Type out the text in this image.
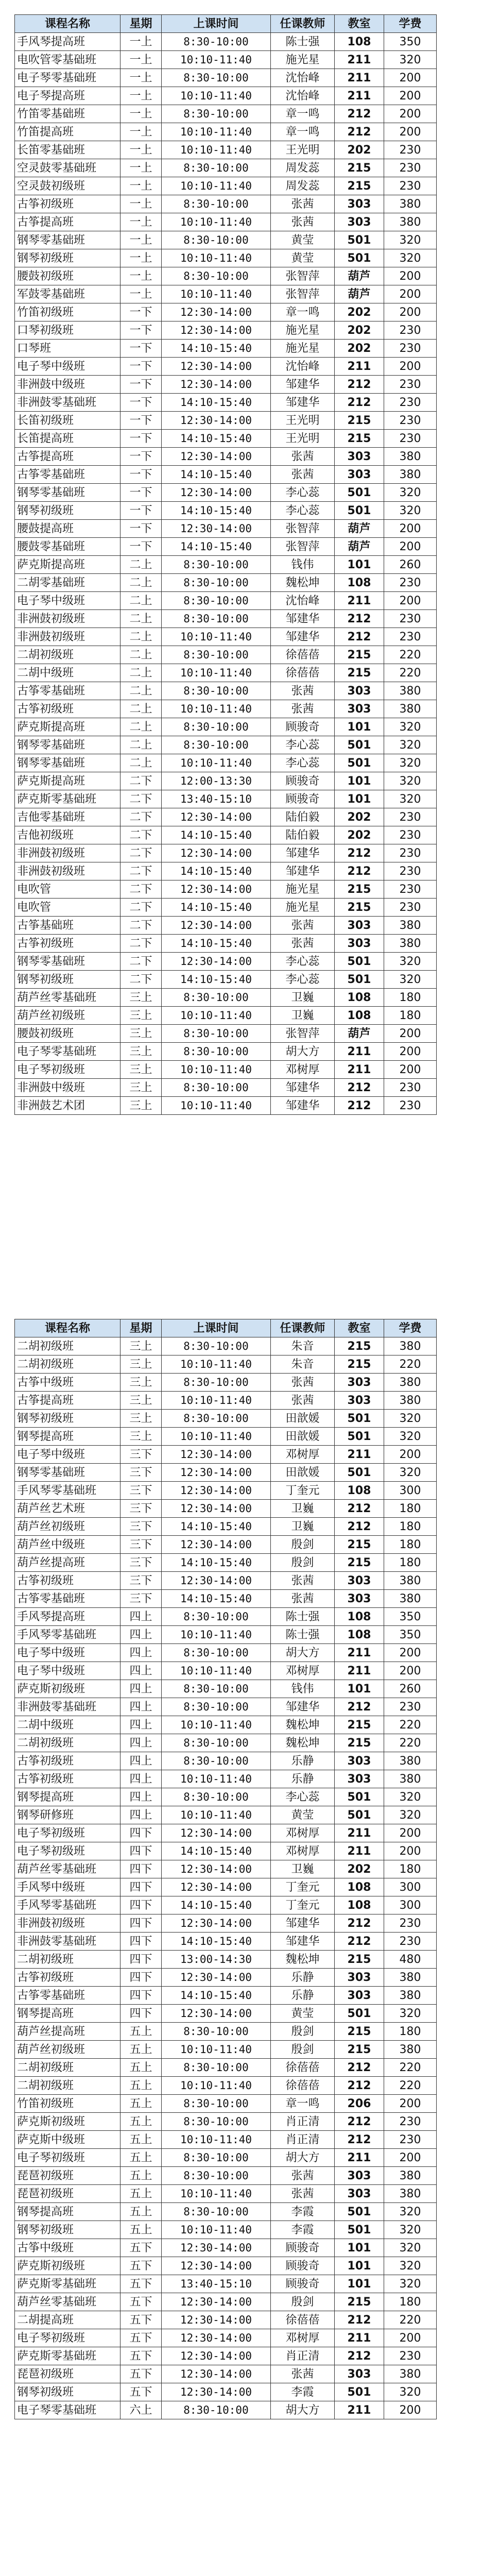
课程名称	星期	上课时间	任课教师	教室	学费
手风琴提高班	一上	8:30-10:00	陈士强	108	350
电吹管零基础班	一上	10:10-11:40	施光星	211	320
电子琴零基础班	一上	8:30-10:00	沈怡峰	211	200
电子琴提高班	一上	10:10-11:40	沈怡峰	211	200
竹笛零基础班	一上	8:30-10:00	章一鸣	212	200
竹笛提高班	一上	10:10-11:40	章一鸣	212	200
长笛零基础班	一上	10:10-11:40	王光明	202	230
空灵鼓零基础班	一上	8:30-10:00	周发蕊	215	230
空灵鼓初级班	一上	10:10-11:40	周发蕊	215	230
古筝初级班	一上	8:30-10:00	张茜	303	380
古筝提高班	一上	10:10-11:40	张茜	303	380
钢琴零基础班	一上	8:30-10:00	黄莹	501	320
钢琴初级班	一上	10:10-11:40	黄莹	501	320
腰鼓初级班	一上	8:30-10:00	张智萍	葫芦	200
军鼓零基础班	一上	10:10-11:40	张智萍	葫芦	200
竹笛初级班	一下	12:30-14:00	章一鸣	202	200
口琴初级班	一下	12:30-14:00	施光星	202	230
口琴班	一下	14:10-15:40	施光星	202	230
电子琴中级班	一下	12:30-14:00	沈怡峰	211	200
非洲鼓中级班	一下	12:30-14:00	邹建华	212	230
非洲鼓零基础班	一下	14:10-15:40	邹建华	212	230
长笛初级班	一下	12:30-14:00	王光明	215	230
长笛提高班	一下	14:10-15:40	王光明	215	230
古筝提高班	一下	12:30-14:00	张茜	303	380
古筝零基础班	一下	14:10-15:40	张茜	303	380
钢琴零基础班	一下	12:30-14:00	李心蕊	501	320
钢琴初级班	一下	14:10-15:40	李心蕊	501	320
腰鼓提高班	一下	12:30-14:00	张智萍	葫芦	200
腰鼓零基础班	一下	14:10-15:40	张智萍	葫芦	200
萨克斯提高班	二上	8:30-10:00	钱伟	101	260
二胡零基础班	二上	8:30-10:00	魏松坤	108	230
电子琴中级班	二上	8:30-10:00	沈怡峰	211	200
非洲鼓初级班	二上	8:30-10:00	邹建华	212	230
非洲鼓初级班	二上	10:10-11:40	邹建华	212	230
二胡初级班	二上	8:30-10:00	徐蓓蓓	215	220
二胡中级班	二上	10:10-11:40	徐蓓蓓	215	220
古筝零基础班	二上	8:30-10:00	张茜	303	380
古筝初级班	二上	10:10-11:40	张茜	303	380
萨克斯提高班	二上	8:30-10:00	顾骏奇	101	320
钢琴零基础班	二上	8:30-10:00	李心蕊	501	320
钢琴零基础班	二上	10:10-11:40	李心蕊	501	320
萨克斯提高班	二下	12:00-13:30	顾骏奇	101	320
萨克斯零基础班	二下	13:40-15:10	顾骏奇	101	320
吉他零基础班	二下	12:30-14:00	陆伯毅	202	230
吉他初级班	二下	14:10-15:40	陆伯毅	202	230
非洲鼓初级班	二下	12:30-14:00	邹建华	212	230
非洲鼓初级班	二下	14:10-15:40	邹建华	212	230
电吹管	二下	12:30-14:00	施光星	215	230
电吹管	二下	14:10-15:40	施光星	215	230
古筝基础班	二下	12:30-14:00	张茜	303	380
古筝初级班	二下	14:10-15:40	张茜	303	380
钢琴零基础班	二下	12:30-14:00	李心蕊	501	320
钢琴初级班	二下	14:10-15:40	李心蕊	501	320
葫芦丝零基础班	三上	8:30-10:00	卫巍	108	180
葫芦丝初级班	三上	10:10-11:40	卫巍	108	180
腰鼓初级班	三上	8:30-10:00	张智萍	葫芦	200
电子琴零基础班	三上	8:30-10:00	胡大方	211	200
电子琴初级班	三上	10:10-11:40	邓树厚	211	200
非洲鼓中级班	三上	8:30-10:00	邹建华	212	230
非洲鼓艺术团	三上	10:10-11:40	邹建华	212	230
课程名称	星期	上课时间	任课教师	教室	学费
二胡初级班	三上	8:30-10:00	朱音	215	380
二胡初级班	三上	10:10-11:40	朱音	215	220
古筝中级班	三上	8:30-10:00	张茜	303	380
古筝提高班	三上	10:10-11:40	张茜	303	380
钢琴初级班	三上	8:30-10:00	田歆媛	501	320
钢琴提高班	三上	10:10-11:40	田歆媛	501	320
电子琴中级班	三下	12:30-14:00	邓树厚	211	200
钢琴零基础班	三下	12:30-14:00	田歆媛	501	320
手风琴零基础班	三下	12:30-14:00	丁奎元	108	300
葫芦丝艺术班	三下	12:30-14:00	卫巍	212	180
葫芦丝初级班	三下	14:10-15:40	卫巍	212	180
葫芦丝中级班	三下	12:30-14:00	殷剑	215	180
葫芦丝提高班	三下	14:10-15:40	殷剑	215	180
古筝初级班	三下	12:30-14:00	张茜	303	380
古筝零基础班	三下	14:10-15:40	张茜	303	380
手风琴提高班	四上	8:30-10:00	陈士强	108	350
手风琴零基础班	四上	10:10-11:40	陈士强	108	350
电子琴中级班	四上	8:30-10:00	胡大方	211	200
电子琴中级班	四上	10:10-11:40	邓树厚	211	200
萨克斯初级班	四上	8:30-10:00	钱伟	101	260
非洲鼓零基础班	四上	8:30-10:00	邹建华	212	230
二胡中级班	四上	10:10-11:40	魏松坤	215	220
二胡初级班	四上	8:30-10:00	魏松坤	215	220
古筝初级班	四上	8:30-10:00	乐静	303	380
古筝初级班	四上	10:10-11:40	乐静	303	380
钢琴提高班	四上	8:30-10:00	李心蕊	501	320
钢琴研修班	四上	10:10-11:40	黄莹	501	320
电子琴初级班	四下	12:30-14:00	邓树厚	211	200
电子琴初级班	四下	14:10-15:40	邓树厚	211	200
葫芦丝零基础班	四下	12:30-14:00	卫巍	202	180
手风琴中级班	四下	12:30-14:00	丁奎元	108	300
手风琴零基础班	四下	14:10-15:40	丁奎元	108	300
非洲鼓初级班	四下	12:30-14:00	邹建华	212	230
非洲鼓零基础班	四下	14:10-15:40	邹建华	212	230
二胡初级班	四下	13:00-14:30	魏松坤	215	480
古筝初级班	四下	12:30-14:00	乐静	303	380
古筝零基础班	四下	14:10-15:40	乐静	303	380
钢琴提高班	四下	12:30-14:00	黄莹	501	320
葫芦丝提高班	五上	8:30-10:00	殷剑	215	180
葫芦丝初级班	五上	10:10-11:40	殷剑	215	380
二胡初级班	五上	8:30-10:00	徐蓓蓓	212	220
二胡初级班	五上	10:10-11:40	徐蓓蓓	212	220
竹笛初级班	五上	8:30-10:00	章一鸣	206	200
萨克斯初级班	五上	8:30-10:00	肖正清	212	230
萨克斯中级班	五上	10:10-11:40	肖正清	212	230
电子琴初级班	五上	8:30-10:00	胡大方	211	200
琵琶初级班	五上	8:30-10:00	张茜	303	380
琵琶初级班	五上	10:10-11:40	张茜	303	380
钢琴提高班	五上	8:30-10:00	李霞	501	320
钢琴初级班	五上	10:10-11:40	李霞	501	320
古筝中级班	五下	12:30-14:00	顾骏奇	101	320
萨克斯初级班	五下	12:30-14:00	顾骏奇	101	320
萨克斯零基础班	五下	13:40-15:10	顾骏奇	101	320
葫芦丝零基础班	五下	12:30-14:00	殷剑	215	180
二胡提高班	五下	12:30-14:00	徐蓓蓓	212	220
电子琴初级班	五下	12:30-14:00	邓树厚	211	200
萨克斯零基础班	五下	12:30-14:00	肖正清	212	230
琵琶初级班	五下	12:30-14:00	张茜	303	380
钢琴初级班	五下	12:30-14:00	李霞	501	320
电子琴零基础班	六上	8:30-10:00	胡大方	211	200
